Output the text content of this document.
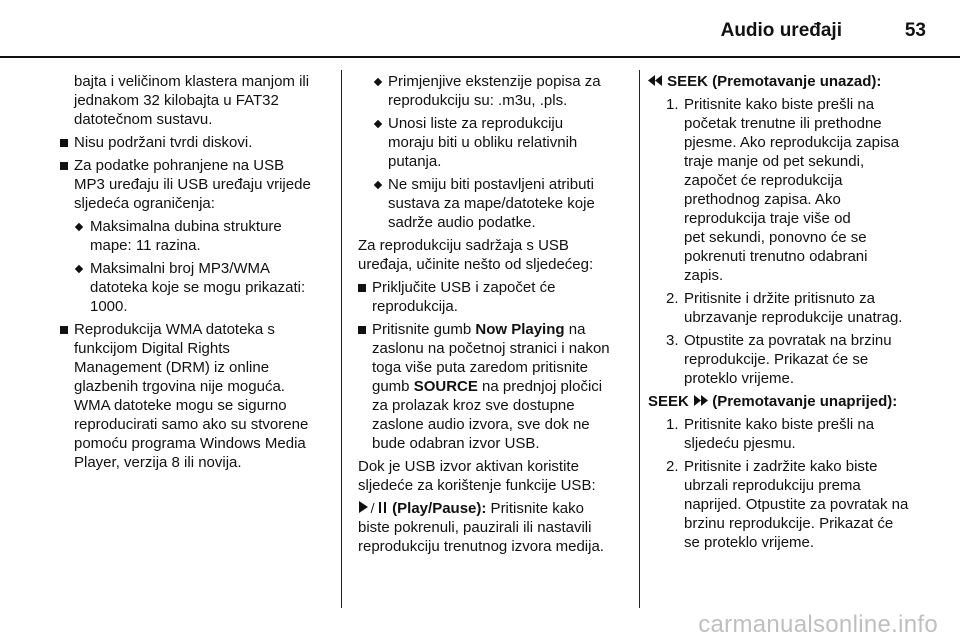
Audio uređaji	53
bajta i veličinom klastera manjom ili
jednakom 32 kilobajta u FAT32
datotečnom sustavu.
Nisu podržani tvrdi diskovi.
Za podatke pohranjene na USB
MP3 uređaju ili USB uređaju vrijede
sljedeća ograničenja:
Maksimalna dubina strukture
mape: 11 razina.
Maksimalni broj MP3/WMA
datoteka koje se mogu prikazati:
1000.
Reprodukcija WMA datoteka s
funkcijom Digital Rights
Management (DRM) iz online
glazbenih trgovina nije moguća.
WMA datoteke mogu se sigurno
reproducirati samo ako su stvorene
pomoću programa Windows Media
Player, verzija 8 ili novija.
Primjenjive ekstenzije popisa za
reprodukciju su: .m3u, .pls.
Unosi liste za reprodukciju
moraju biti u obliku relativnih
putanja.
Ne smiju biti postavljeni atributi
sustava za mape/datoteke koje
sadrže audio podatke.
Za reprodukciju sadržaja s USB
uređaja, učinite nešto od sljedećeg:
Priključite USB i započet će
reprodukcija.
Pritisnite gumb Now Playing na
zaslonu na početnoj stranici i nakon
toga više puta zaredom pritisnite
gumb SOURCE na prednjoj pločici
za prolazak kroz sve dostupne
zaslone audio izvora, sve dok ne
bude odabran izvor USB.
Dok je USB izvor aktivan koristite
sljedeće za korištenje funkcije USB:
/ (Play/Pause): Pritisnite kako
biste pokrenuli, pauzirali ili nastavili
reprodukciju trenutnog izvora medija.
SEEK (Premotavanje unazad):
1. Pritisnite kako biste prešli na
početak trenutne ili prethodne
pjesme. Ako reprodukcija zapisa
traje manje od pet sekundi,
započet će reprodukcija
prethodnog zapisa. Ako
reprodukcija traje više od
pet sekundi, ponovno će se
pokrenuti trenutno odabrani
zapis.
2. Pritisnite i držite pritisnuto za
ubrzavanje reprodukcije unatrag.
3. Otpustite za povratak na brzinu
reprodukcije. Prikazat će se
proteklo vrijeme.
SEEK (Premotavanje unaprijed):
1. Pritisnite kako biste prešli na
sljedeću pjesmu.
2. Pritisnite i zadržite kako biste
ubrzali reprodukciju prema
naprijed. Otpustite za povratak na
brzinu reprodukcije. Prikazat će
se proteklo vrijeme.
carmanualsonline.info
